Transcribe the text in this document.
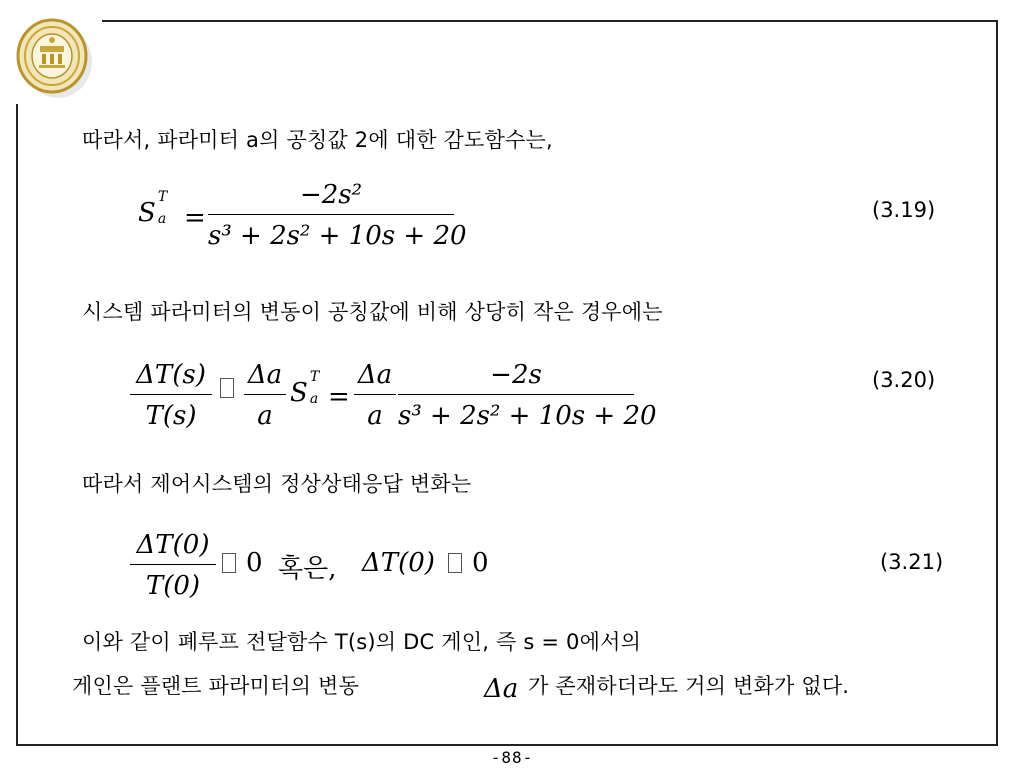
따라서, 파라미터 a의 공칭값 2에 대한 감도함수는,
S
T
a =
−2s²
s³ + 2s² + 10s + 20
(3.19)
시스템 파라미터의 변동이 공칭값에 비해 상당히 작은 경우에는
ΔT(s)
T(s)
Δa
a
S
T
a =
Δa
a
−2s
s³ + 2s² + 10s + 20
(3.20)
따라서 제어시스템의 정상상태응답 변화는
ΔT(0)
T(0)
0 혹은, ΔT(0) 0	(3.21)
이와 같이 폐루프 전달함수 T(s)의 DC 게인, 즉 s = 0에서의
게인은 플랜트 파라미터의 변동	Δa 가 존재하더라도 거의 변화가 없다.
-88-
